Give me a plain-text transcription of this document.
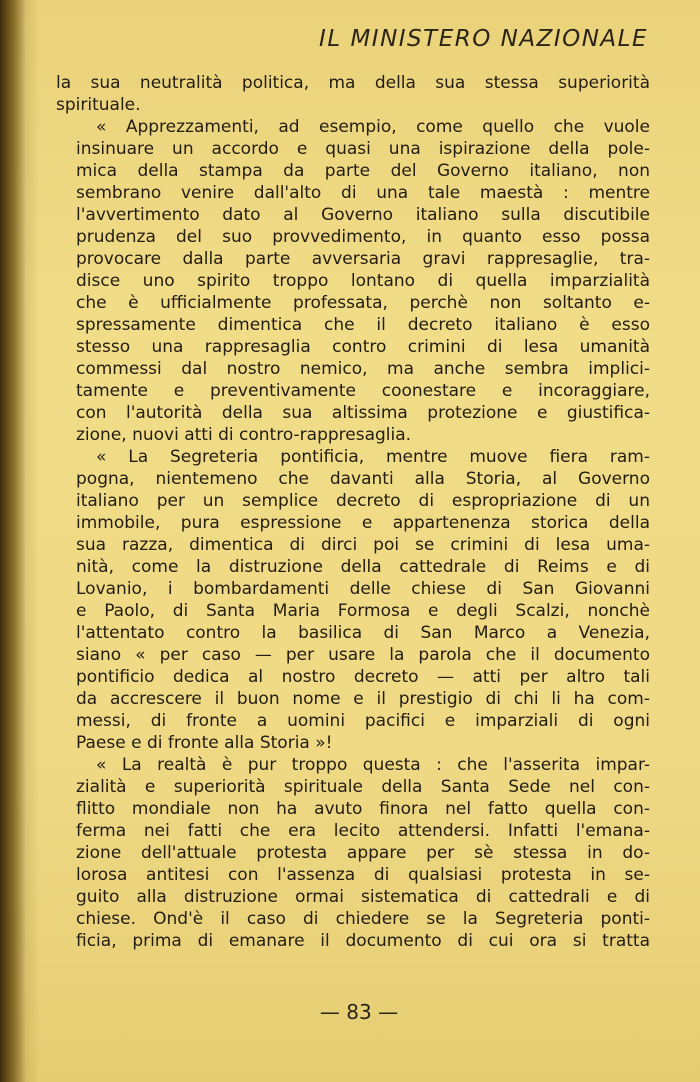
IL MINISTERO NAZIONALE

la sua neutralità politica, ma della sua stessa superiorità
spirituale.

« Apprezzamenti, ad esempio, come quello che vuole
insinuare un accordo e quasi una ispirazione della pole-
mica della stampa da parte del Governo italiano, non
sembrano venire dall'alto di una tale maestà : mentre
l'avvertimento dato al Governo italiano sulla discutibile
prudenza del suo provvedimento, in quanto esso possa
provocare dalla parte avversaria gravi rappresaglie, tra-
disce uno spirito troppo lontano di quella imparzialità
che è ufficialmente professata, perchè non soltanto e-
spressamente dimentica che il decreto italiano è esso
stesso una rappresaglia contro crimini di lesa umanità
commessi dal nostro nemico, ma anche sembra implici-
tamente e preventivamente coonestare e incoraggiare,
con l'autorità della sua altissima protezione e giustifica-
zione, nuovi atti di contro-rappresaglia.

« La Segreteria pontificia, mentre muove fiera ram-
pogna, nientemeno che davanti alla Storia, al Governo
italiano per un semplice decreto di espropriazione di un
immobile, pura espressione e appartenenza storica della
sua razza, dimentica di dirci poi se crimini di lesa uma-
nità, come la distruzione della cattedrale di Reims e di
Lovanio, i bombardamenti delle chiese di San Giovanni
e Paolo, di Santa Maria Formosa e degli Scalzi, nonchè
l'attentato contro la basilica di San Marco a Venezia,
siano « per caso — per usare la parola che il documento
pontificio dedica al nostro decreto — atti per altro tali
da accrescere il buon nome e il prestigio di chi li ha com-
messi, di fronte a uomini pacifici e imparziali di ogni
Paese e di fronte alla Storia »!

« La realtà è pur troppo questa : che l'asserita impar-
zialità e superiorità spirituale della Santa Sede nel con-
flitto mondiale non ha avuto finora nel fatto quella con-
ferma nei fatti che era lecito attendersi. Infatti l'emana-
zione dell'attuale protesta appare per sè stessa in do-
lorosa antitesi con l'assenza di qualsiasi protesta in se-
guito alla distruzione ormai sistematica di cattedrali e di
chiese. Ond'è il caso di chiedere se la Segreteria ponti-
ficia, prima di emanare il documento di cui ora si tratta

— 83 —
